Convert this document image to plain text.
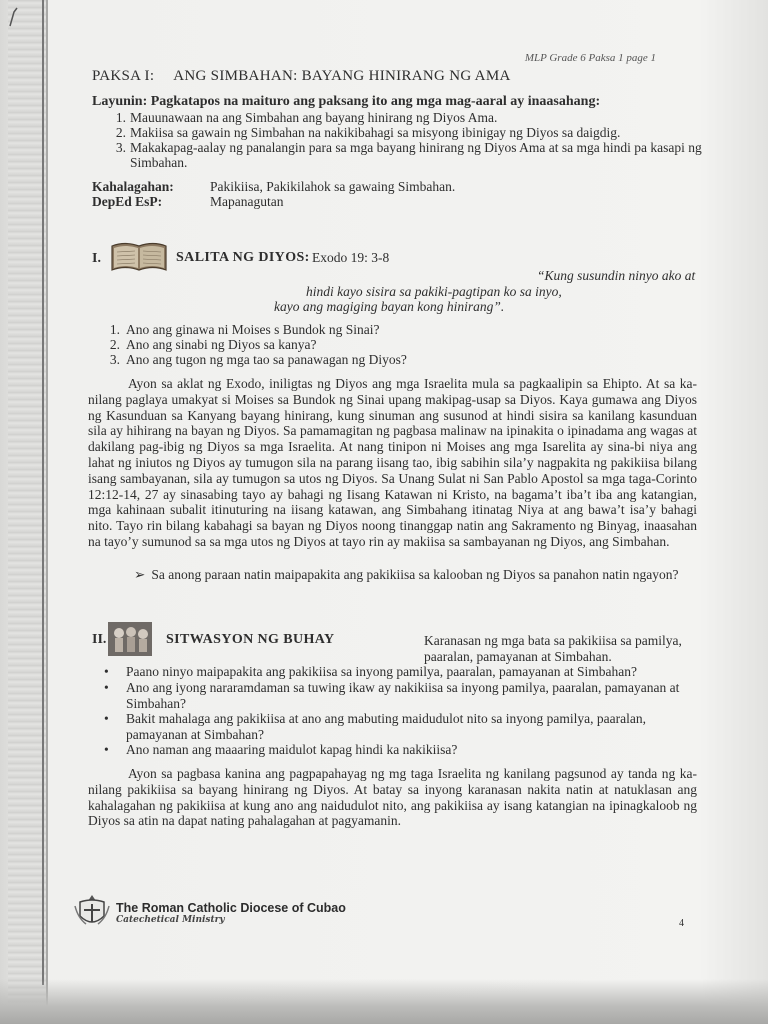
MLP Grade 6 Paksa 1 page 1
PAKSA I: ANG SIMBAHAN: BAYANG HINIRANG NG AMA
Layunin: Pagkatapos na maituro ang paksang ito ang mga mag-aaral ay inaasahang:
1. Mauunawaan na ang Simbahan ang bayang hinirang ng Diyos Ama.
2. Makiisa sa gawain ng Simbahan na nakikibahagi sa misyong ibinigay ng Diyos sa daigdig.
3. Makakapag-aalay ng panalangin para sa mga bayang hinirang ng Diyos Ama at sa mga hindi pa kasapi ng Simbahan.
Kahalagahan:	Pakikiisa, Pakikilahok sa gawaing Simbahan.
DepEd EsP:	Mapanagutan
I.	SALITA NG DIYOS: Exodo 19: 3-8
“Kung susundin ninyo ako at
hindi kayo sisira sa pakiki-pagtipan ko sa inyo,
kayo ang magiging bayan kong hinirang”.
1. Ano ang ginawa ni Moises s Bundok ng Sinai?
2. Ano ang sinabi ng Diyos sa kanya?
3. Ano ang tugon ng mga tao sa panawagan ng Diyos?
Ayon sa aklat ng Exodo, iniligtas ng Diyos ang mga Israelita mula sa pagkaalipin sa Ehipto. At sa ka-nilang paglaya umakyat si Moises sa Bundok ng Sinai upang makipag-usap sa Diyos. Kaya gumawa ang Diyos ng Kasunduan sa Kanyang bayang hinirang, kung sinuman ang susunod at hindi sisira sa kanilang kasunduan sila ay hihirang na bayan ng Diyos. Sa pamamagitan ng pagbasa malinaw na ipinakita o ipinadama ang wagas at dakilang pag-ibig ng Diyos sa mga Israelita. At nang tinipon ni Moises ang mga Isarelita ay sina-bi niya ang lahat ng iniutos ng Diyos ay tumugon sila na parang iisang tao, ibig sabihin sila’y nagpakita ng pakikiisa bilang isang sambayanan, sila ay tumugon sa utos ng Diyos. Sa Unang Sulat ni San Pablo Apostol sa mga taga-Corinto 12:12-14, 27 ay sinasabing tayo ay bahagi ng Iisang Katawan ni Kristo, na bagama’t iba’t iba ang katangian, mga kahinaan subalit itinuturing na iisang katawan, ang Simbahang itinatag Niya at ang bawa’t isa’y bahagi nito. Tayo rin bilang kabahagi sa bayan ng Diyos noong tinanggap natin ang Sakramento ng Binyag, inaasahan na tayo’y sumunod sa sa mga utos ng Diyos at tayo rin ay makiisa sa sambayanan ng Diyos, ang Simbahan.
➢ Sa anong paraan natin maipapakita ang pakikiisa sa kalooban ng Diyos sa panahon natin ngayon?
II.	SITWASYON NG BUHAY	Karanasan ng mga bata sa pakikiisa sa pamilya, paaralan, pamayanan at Simbahan.
• Paano ninyo maipapakita ang pakikiisa sa inyong pamilya, paaralan, pamayanan at Simbahan?
• Ano ang iyong nararamdaman sa tuwing ikaw ay nakikiisa sa inyong pamilya, paaralan, pamayanan at Simbahan?
• Bakit mahalaga ang pakikiisa at ano ang mabuting maidudulot nito sa inyong pamilya, paaralan, pamayanan at Simbahan?
• Ano naman ang maaaring maidulot kapag hindi ka nakikiisa?
Ayon sa pagbasa kanina ang pagpapahayag ng mg taga Israelita ng kanilang pagsunod ay tanda ng ka-nilang pakikiisa sa bayang hinirang ng Diyos. At batay sa inyong karanasan nakita natin at natuklasan ang kahalagahan ng pakikiisa at kung ano ang naidudulot nito, ang pakikiisa ay isang katangian na ipinagkaloob ng Diyos sa atin na dapat nating pahalagahan at pagyamanin.
The Roman Catholic Diocese of Cubao
Catechetical Ministry	4
